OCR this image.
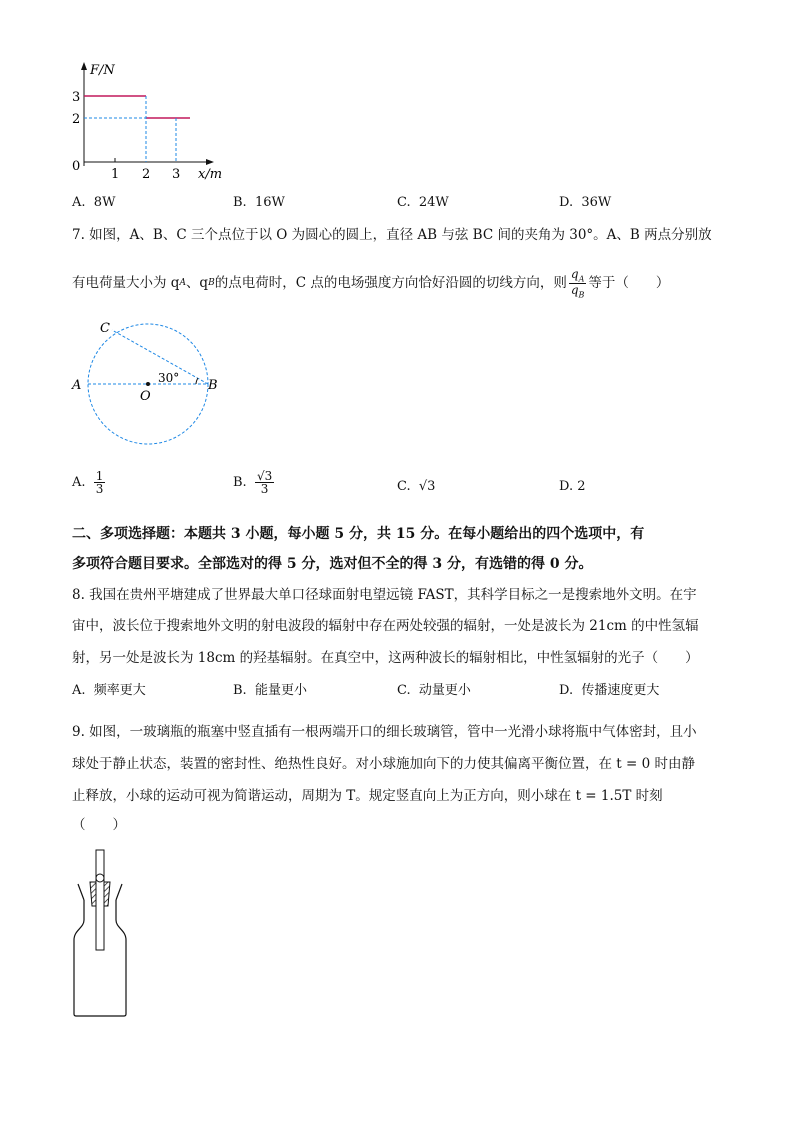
F/N
3
2
0
1 2 3 x/m
A. 8W	B. 16W	C. 24W	D. 36W
7. 如图，A、B、C 三个点位于以 O 为圆心的圆上，直径 AB 与弦 BC 间的夹角为 30°。A、B 两点分别放
有电荷量大小为 q A 、q B 的点电荷时，C 点的电场强度方向恰好沿圆的切线方向，则 $\frac{q_A}{q_B}$ 等于（　　）
C
A
O
B
30°
A.
$\frac{1}{3}$	B.
$\frac{√3}{3}$	C. √3	D. 2
二、多项选择题：本题共 3 小题，每小题 5 分，共 15 分。在每小题给出的四个选项中，有
多项符合题目要求。全部选对的得 5 分，选对但不全的得 3 分，有选错的得 0 分。
8. 我国在贵州平塘建成了世界最大单口径球面射电望远镜 FAST，其科学目标之一是搜索地外文明。在宇
宙中，波长位于搜索地外文明的射电波段的辐射中存在两处较强的辐射，一处是波长为 21cm 的中性氢辐
射，另一处是波长为 18cm 的羟基辐射。在真空中，这两种波长的辐射相比，中性氢辐射的光子（　　）
A. 频率更大	B. 能量更小	C. 动量更小	D. 传播速度更大
9. 如图，一玻璃瓶的瓶塞中竖直插有一根两端开口的细长玻璃管，管中一光滑小球将瓶中气体密封，且小
球处于静止状态，装置的密封性、绝热性良好。对小球施加向下的力使其偏离平衡位置，在 t = 0 时由静
止释放，小球的运动可视为简谐运动，周期为 T。规定竖直向上为正方向，则小球在 t = 1.5T 时刻
（　　）
